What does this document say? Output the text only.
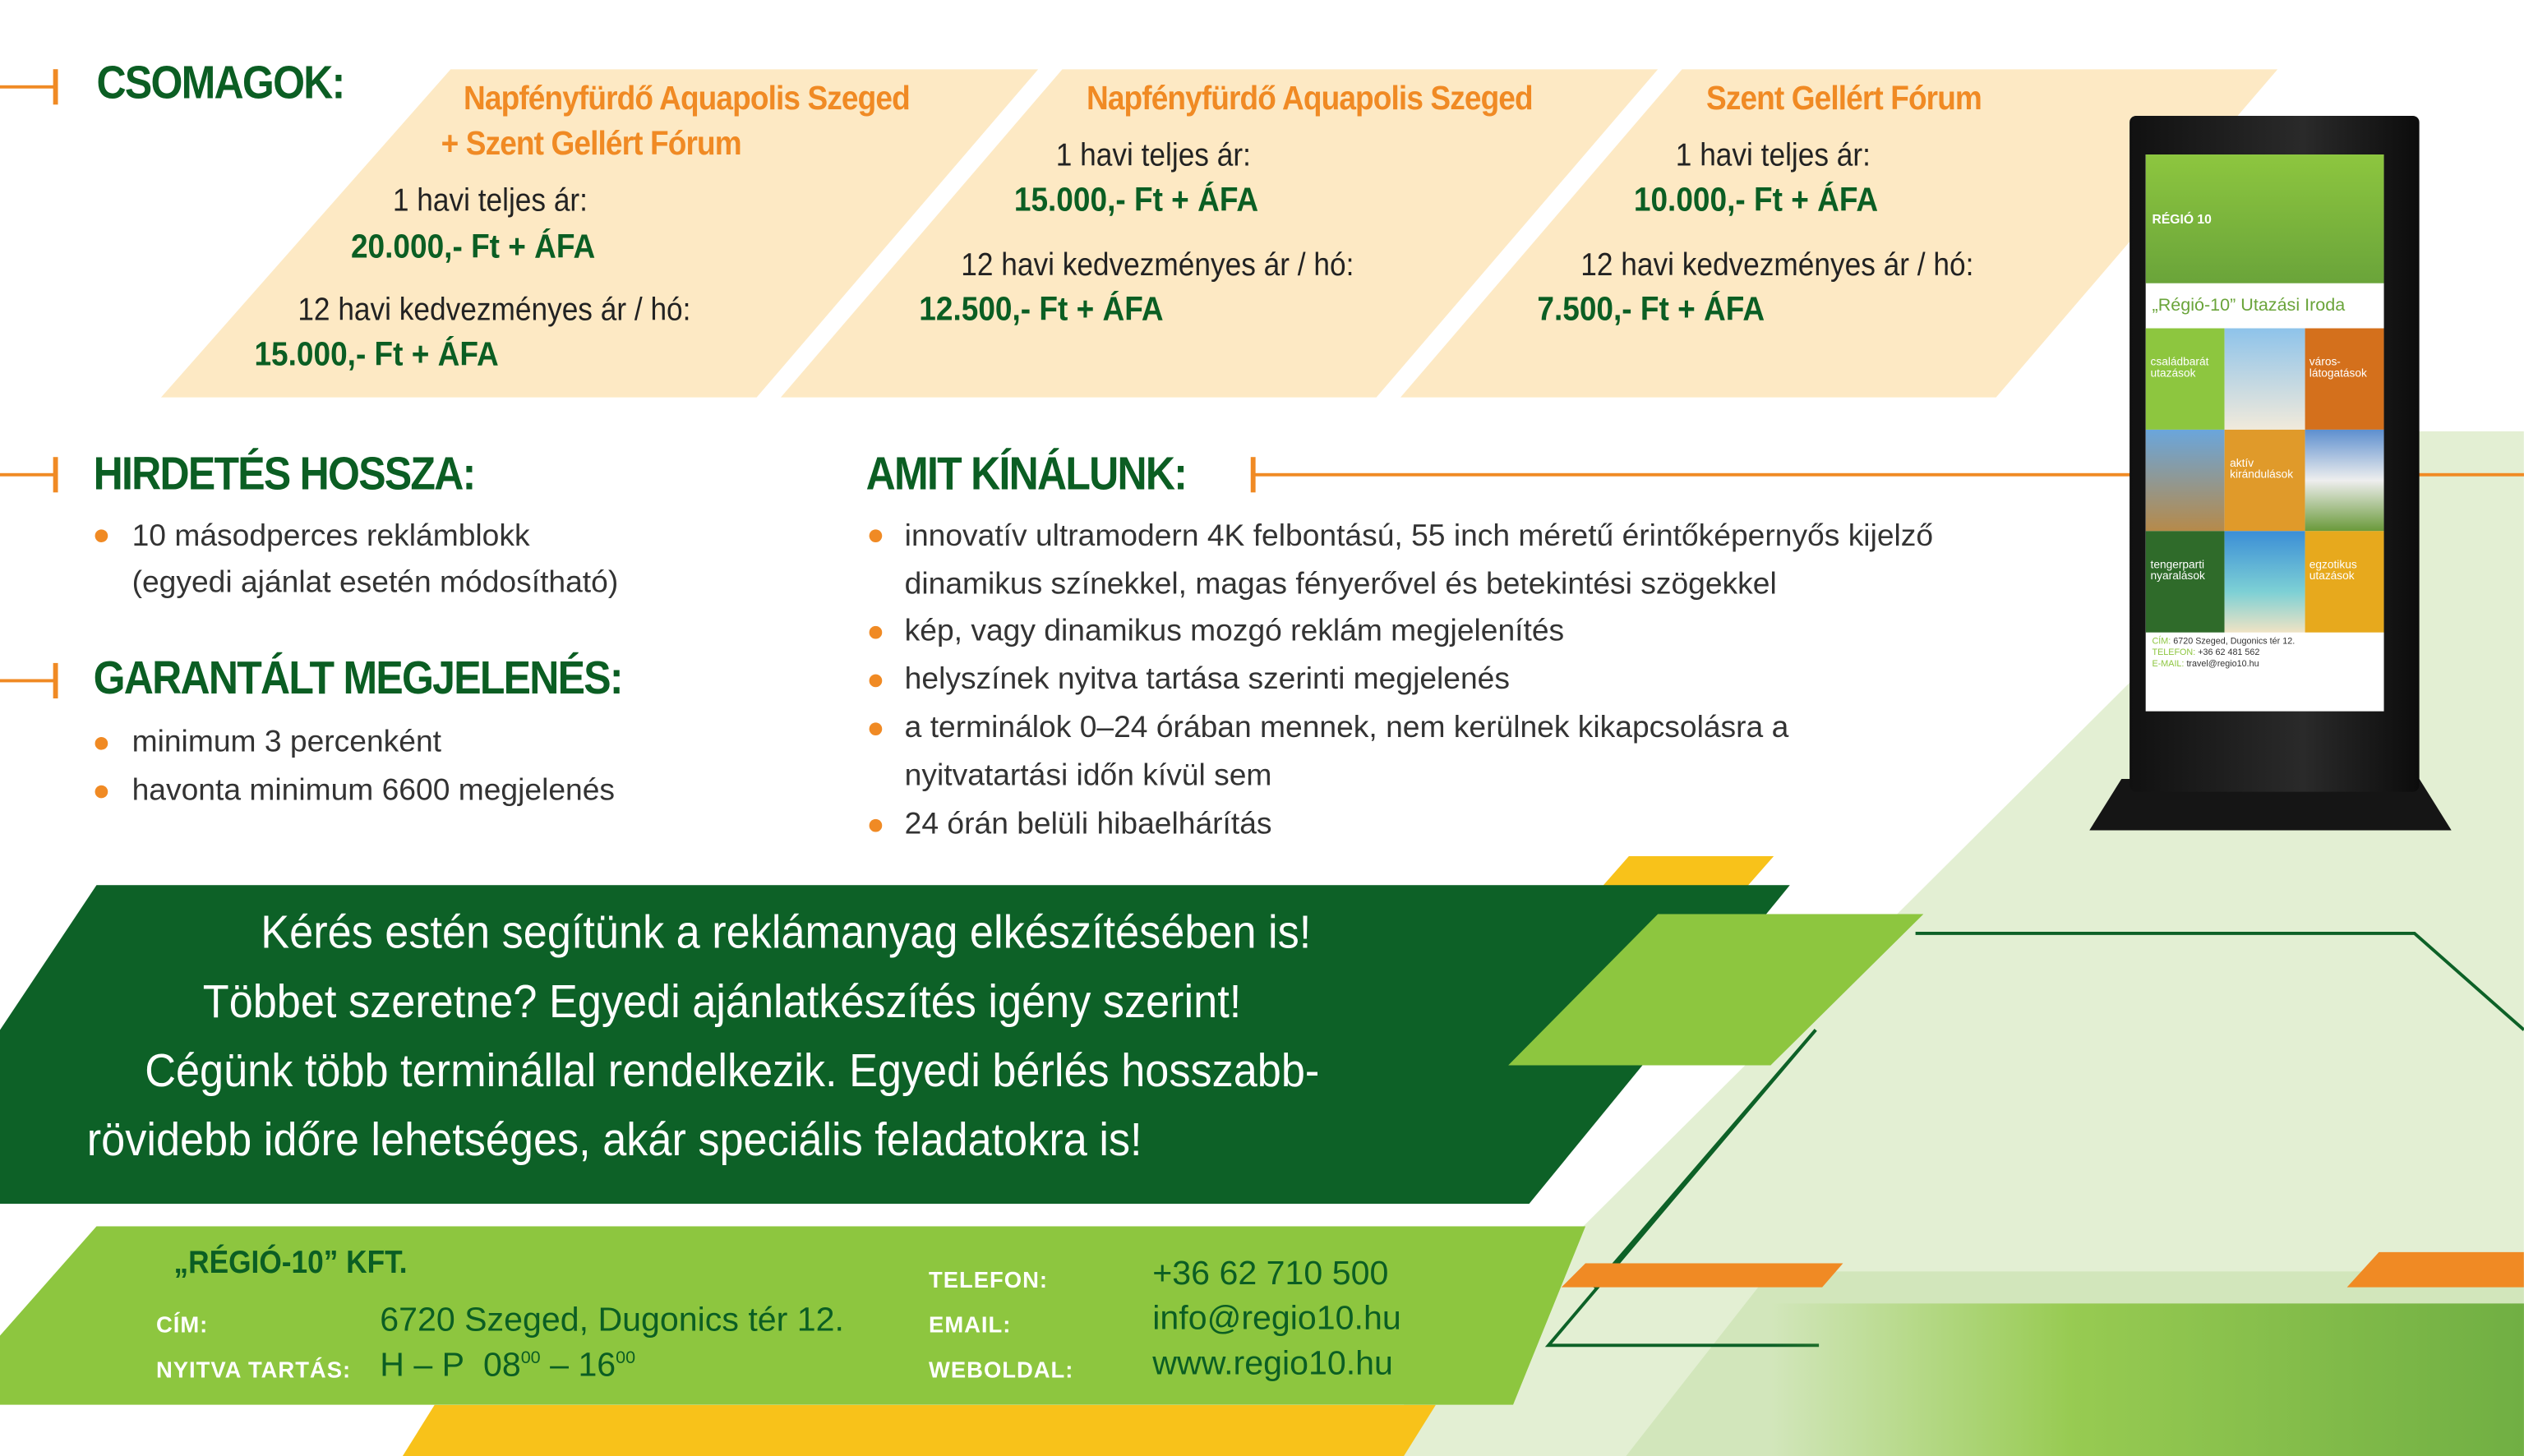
CSOMAGOK:	Napfényfürdő Aquapolis Szeged
+ Szent Gellért Fórum
1 havi teljes ár:
20.000,- Ft + ÁFA
12 havi kedvezményes ár / hó:
15.000,- Ft + ÁFA
Napfényfürdő Aquapolis Szeged
1 havi teljes ár:
15.000,- Ft + ÁFA
12 havi kedvezményes ár / hó:
12.500,- Ft + ÁFA
Szent Gellért Fórum
1 havi teljes ár:
10.000,- Ft + ÁFA
12 havi kedvezményes ár / hó:
7.500,- Ft + ÁFA
HIRDETÉS HOSSZA:
10 másodperces reklámblokk
(egyedi ajánlat esetén módosítható)
GARANTÁLT MEGJELENÉS:
minimum 3 percenként
havonta minimum 6600 megjelenés
AMIT KÍNÁLUNK:
innovatív ultramodern 4K felbontású, 55 inch méretű érintőképernyős kijelző
dinamikus színekkel, magas fényerővel és betekintési szögekkel
kép, vagy dinamikus mozgó reklám megjelenítés
helyszínek nyitva tartása szerinti megjelenés
a terminálok 0–24 órában mennek, nem kerülnek kikapcsolásra a
nyitvatartási időn kívül sem
24 órán belüli hibaelhárítás
Kérés estén segítünk a reklámanyag elkészítésében is!
Többet szeretne? Egyedi ajánlatkészítés igény szerint!
Cégünk több terminállal rendelkezik. Egyedi bérlés hosszabb-
rövidebb időre lehetséges, akár speciális feladatokra is!
„RÉGIÓ-10” KFT.
CÍM:	6720 Szeged, Dugonics tér 12.
NYITVA TARTÁS: H – P $08^{00} - 16^{00}$
TELEFON:	+36 62 710 500
EMAIL:	info@regio10.hu
WEBOLDAL:	www.regio10.hu
RÉGIÓ 10
„Régió-10” Utazási Iroda
családbarát utazások
város-látogatások
aktív kirándulások
tengerparti nyaralások
egzotikus utazások
CÍM: 6720 Szeged, Dugonics tér 12.
TELEFON: +36 62 481 562
E-MAIL: travel@regio10.hu
